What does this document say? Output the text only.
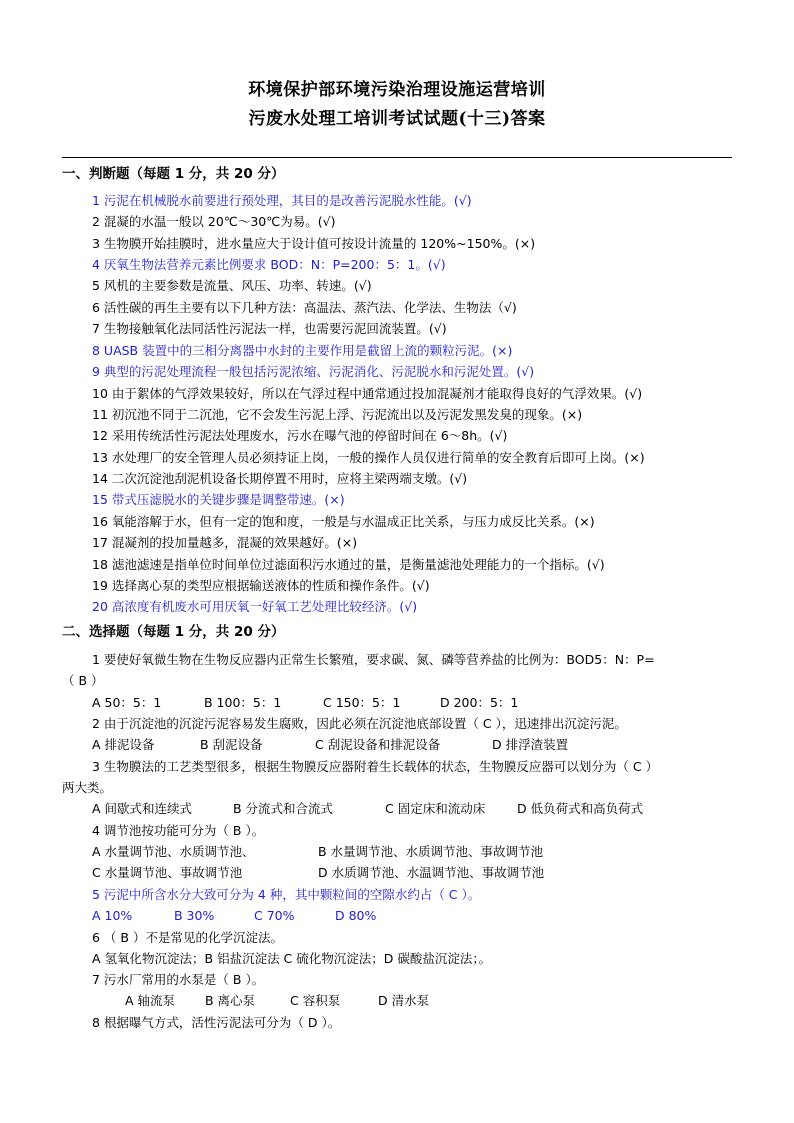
环境保护部环境污染治理设施运营培训
污废水处理工培训考试试题(十三)答案
一、判断题（每题 1 分，共 20 分）
1 污泥在机械脱水前要进行预处理，其目的是改善污泥脱水性能。(√)
2 混凝的水温一般以 20℃～30℃为易。(√)
3 生物膜开始挂膜时，进水量应大于设计值可按设计流量的 120%~150%。(×)
4 厌氧生物法营养元素比例要求 BOD：N：P=200：5：1。(√)
5 风机的主要参数是流量、风压、功率、转速。(√)
6 活性碳的再生主要有以下几种方法：高温法、蒸汽法、化学法、生物法（√)
7 生物接触氧化法同活性污泥法一样，也需要污泥回流装置。(√)
8 UASB 装置中的三相分离器中水封的主要作用是截留上流的颗粒污泥。(×)
9 典型的污泥处理流程一般包括污泥浓缩、污泥消化、污泥脱水和污泥处置。(√)
10 由于絮体的气浮效果较好，所以在气浮过程中通常通过投加混凝剂才能取得良好的气浮效果。(√)
11 初沉池不同于二沉池，它不会发生污泥上浮、污泥流出以及污泥发黑发臭的现象。(×)
12 采用传统活性污泥法处理废水，污水在曝气池的停留时间在 6～8h。(√)
13 水处理厂的安全管理人员必须持证上岗，一般的操作人员仅进行简单的安全教育后即可上岗。(×)
14 二次沉淀池刮泥机设备长期停置不用时，应将主梁两端支墩。(√)
15 带式压滤脱水的关键步骤是调整带速。(×)
16 氧能溶解于水，但有一定的饱和度，一般是与水温成正比关系，与压力成反比关系。(×)
17 混凝剂的投加量越多，混凝的效果越好。(×)
18 滤池滤速是指单位时间单位过滤面积污水通过的量，是衡量滤池处理能力的一个指标。(√)
19 选择离心泵的类型应根据输送液体的性质和操作条件。(√)
20 高浓度有机废水可用厌氧一好氧工艺处理比较经济。(√)
二、选择题（每题 1 分，共 20 分）
1 要使好氧微生物在生物反应器内正常生长繁殖，要求碳、氮、磷等营养盐的比例为：BOD5：N：P=
（ B ）
A 50：5：1	B 100：5：1	C 150：5：1	D 200：5：1
2 由于沉淀池的沉淀污泥容易发生腐败，因此必须在沉淀池底部设置（ C ），迅速排出沉淀污泥。
A 排泥设备	B 刮泥设备	C 刮泥设备和排泥设备	D 排浮渣装置
3 生物膜法的工艺类型很多，根据生物膜反应器附着生长载体的状态，生物膜反应器可以划分为（ C ）
两大类。
A 间歇式和连续式	B 分流式和合流式	C 固定床和流动床	D 低负荷式和高负荷式
4 调节池按功能可分为（ B ）。
A 水量调节池、水质调节池、	B 水量调节池、水质调节池、事故调节池
C 水量调节池、事故调节池	D 水质调节池、水温调节池、事故调节池
5 污泥中所含水分大致可分为 4 种，其中颗粒间的空隙水约占（ C ）。
A 10%	B 30%	C 70%	D 80%
6 （ B ）不是常见的化学沉淀法。
A 氢氧化物沉淀法；B 铝盐沉淀法 C 硫化物沉淀法；D 碳酸盐沉淀法；。
7 污水厂常用的水泵是（ B ）。
A 轴流泵 B 离心泵	C 容积泵	D 清水泵
8 根据曝气方式，活性污泥法可分为（ D ）。
